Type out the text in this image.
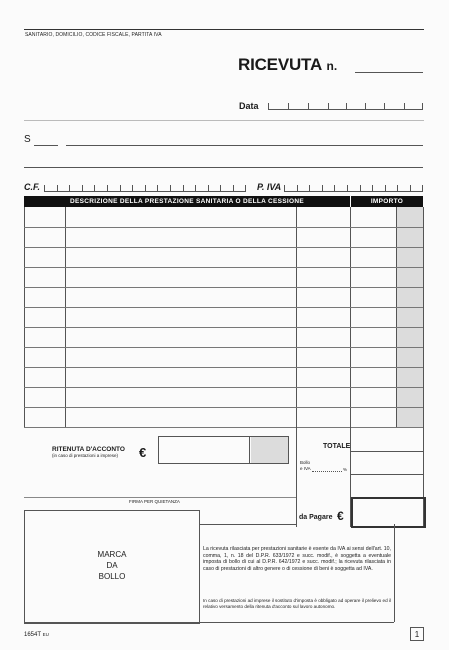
SANITARIO, DOMICILIO, CODICE FISCALE, PARTITA IVA
RICEVUTA n.
Data
S
C.F.	P. IVA
DESCRIZIONE DELLA PRESTAZIONE SANITARIA O DELLA CESSIONE	IMPORTO
RITENUTA D'ACCONTO
(in caso di prestazioni a imprese)	€	TOTALE
Bollo
e IVA	%
da Pagare €
FIRMA PER QUIETANZA
MARCA
DA
BOLLO
La ricevuta rilasciata per prestazioni sanitarie è esente da IVA ai sensi dell'art. 10, comma, 1, n. 18 del D.P.R. 633/1972 e succ. modif., è soggetta a eventuale imposta di bollo di cui al D.P.R. 642/1972 e succ. modif.; la ricevuta rilasciata in caso di prestazioni di altro genere o di cessione di beni è soggetta ad IVA.
In caso di prestazioni ad imprese il sostituto d'imposta è obbligato ad operare il prelievo ed il relativo versamento della ritenuta d'acconto sul lavoro autonomo.
1654T EU	1
